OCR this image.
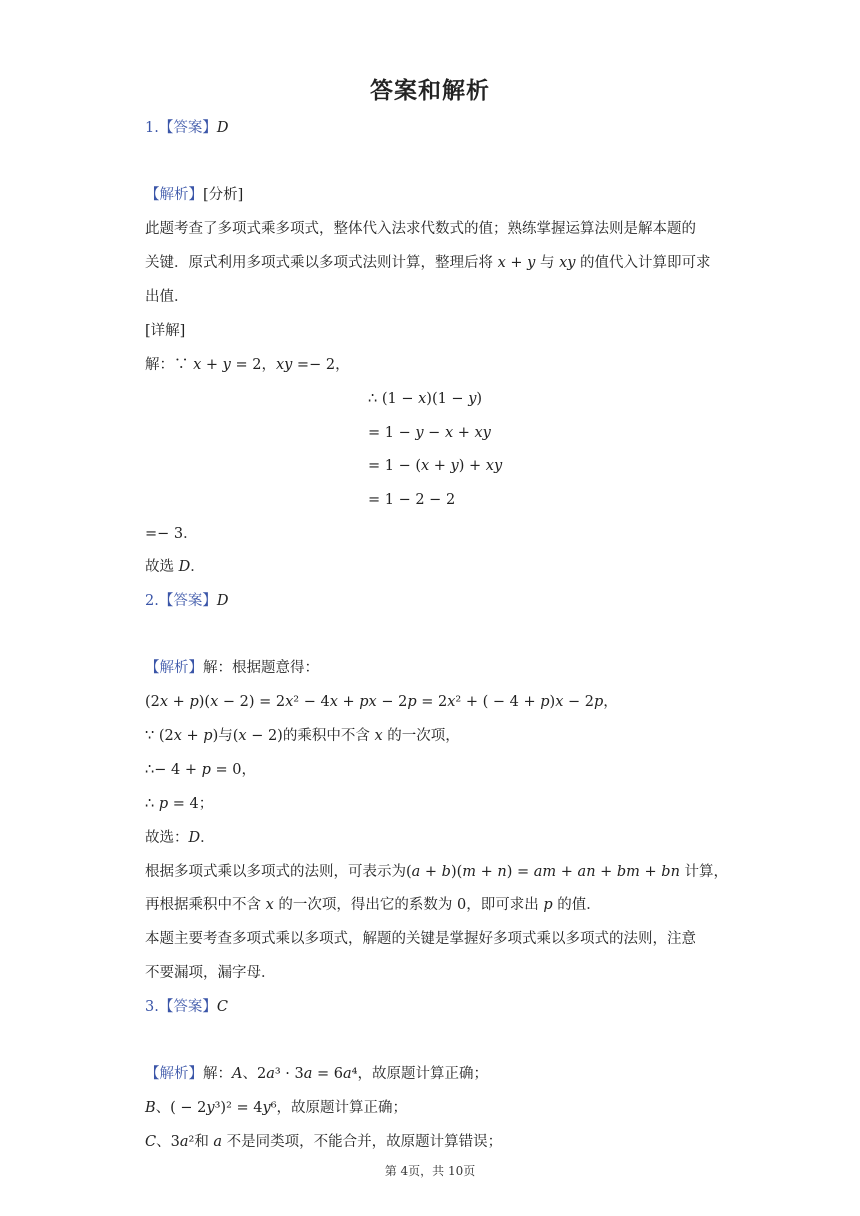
答案和解析
1.【答案】D
【解析】[分析]
此题考查了多项式乘多项式，整体代入法求代数式的值；熟练掌握运算法则是解本题的
关键．原式利用多项式乘以多项式法则计算，整理后将 x + y 与 xy 的值代入计算即可求
出值．
[详解]
解：∵ x + y = 2，xy =− 2，
∴ (1 − x)(1 − y)
= 1 − y − x + xy
= 1 − (x + y) + xy
= 1 − 2 − 2
=− 3．
故选 D．
2.【答案】D
【解析】解：根据题意得：
(2x + p)(x − 2) = 2x² − 4x + px − 2p = 2x² + ( − 4 + p)x − 2p，
∵ (2x + p)与(x − 2)的乘积中不含 x 的一次项，
∴− 4 + p = 0，
∴ p = 4；
故选：D．
根据多项式乘以多项式的法则，可表示为(a + b)(m + n) = am + an + bm + bn 计算，
再根据乘积中不含 x 的一次项，得出它的系数为 0，即可求出 p 的值．
本题主要考查多项式乘以多项式，解题的关键是掌握好多项式乘以多项式的法则，注意
不要漏项，漏字母．
3.【答案】C
【解析】解：A、2a³ · 3a = 6a⁴，故原题计算正确；
B、( − 2y³)² = 4y⁶，故原题计算正确；
C、3a²和 a 不是同类项，不能合并，故原题计算错误；
第 4页，共 10页
